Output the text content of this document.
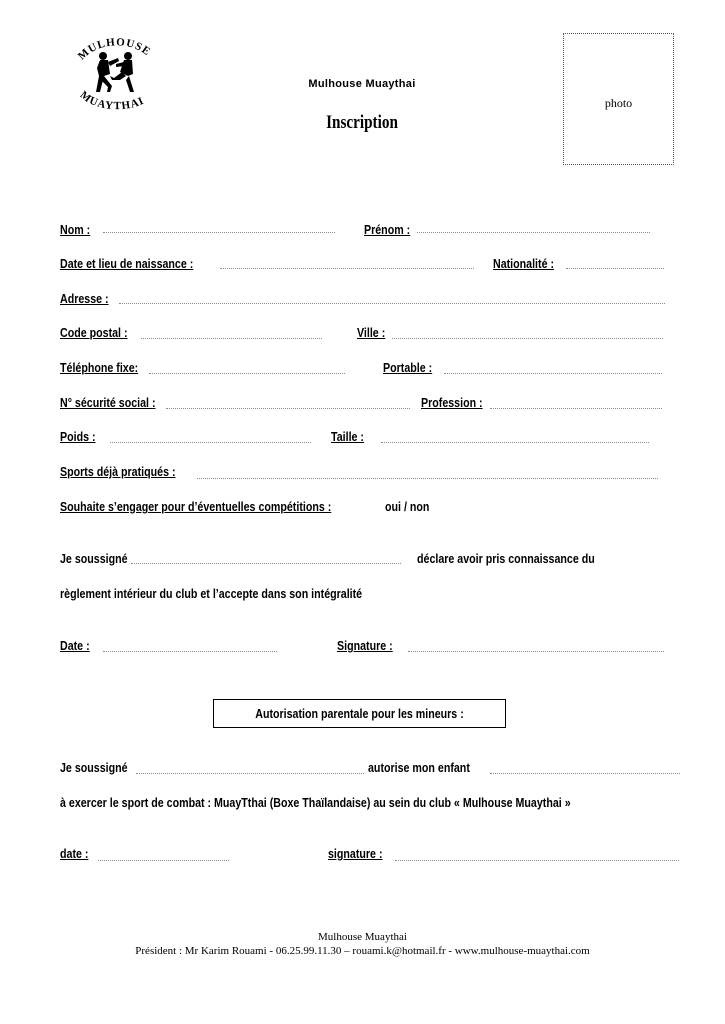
MULHOUSE
MUAYTHAI
Mulhouse Muaythai
Inscription
photo
Nom :	Prénom :
Date et lieu de naissance :	Nationalité :
Adresse :
Code postal :	Ville :
Téléphone fixe:	Portable :
N° sécurité social :	Profession :
Poids :	Taille :
Sports déjà pratiqués :
Souhaite s’engager pour d’éventuelles compétitions :	oui / non
Je soussigné	déclare avoir pris connaissance du
règlement intérieur du club et l’accepte dans son intégralité
Date :	Signature :
Autorisation parentale pour les mineurs :
Je soussigné	autorise mon enfant
à exercer le sport de combat : MuayTthai (Boxe Thaïlandaise) au sein du club « Mulhouse Muaythai »
date :	signature :
Mulhouse Muaythai
Président : Mr Karim Rouami - 06.25.99.11.30 – rouami.k@hotmail.fr - www.mulhouse-muaythai.com
